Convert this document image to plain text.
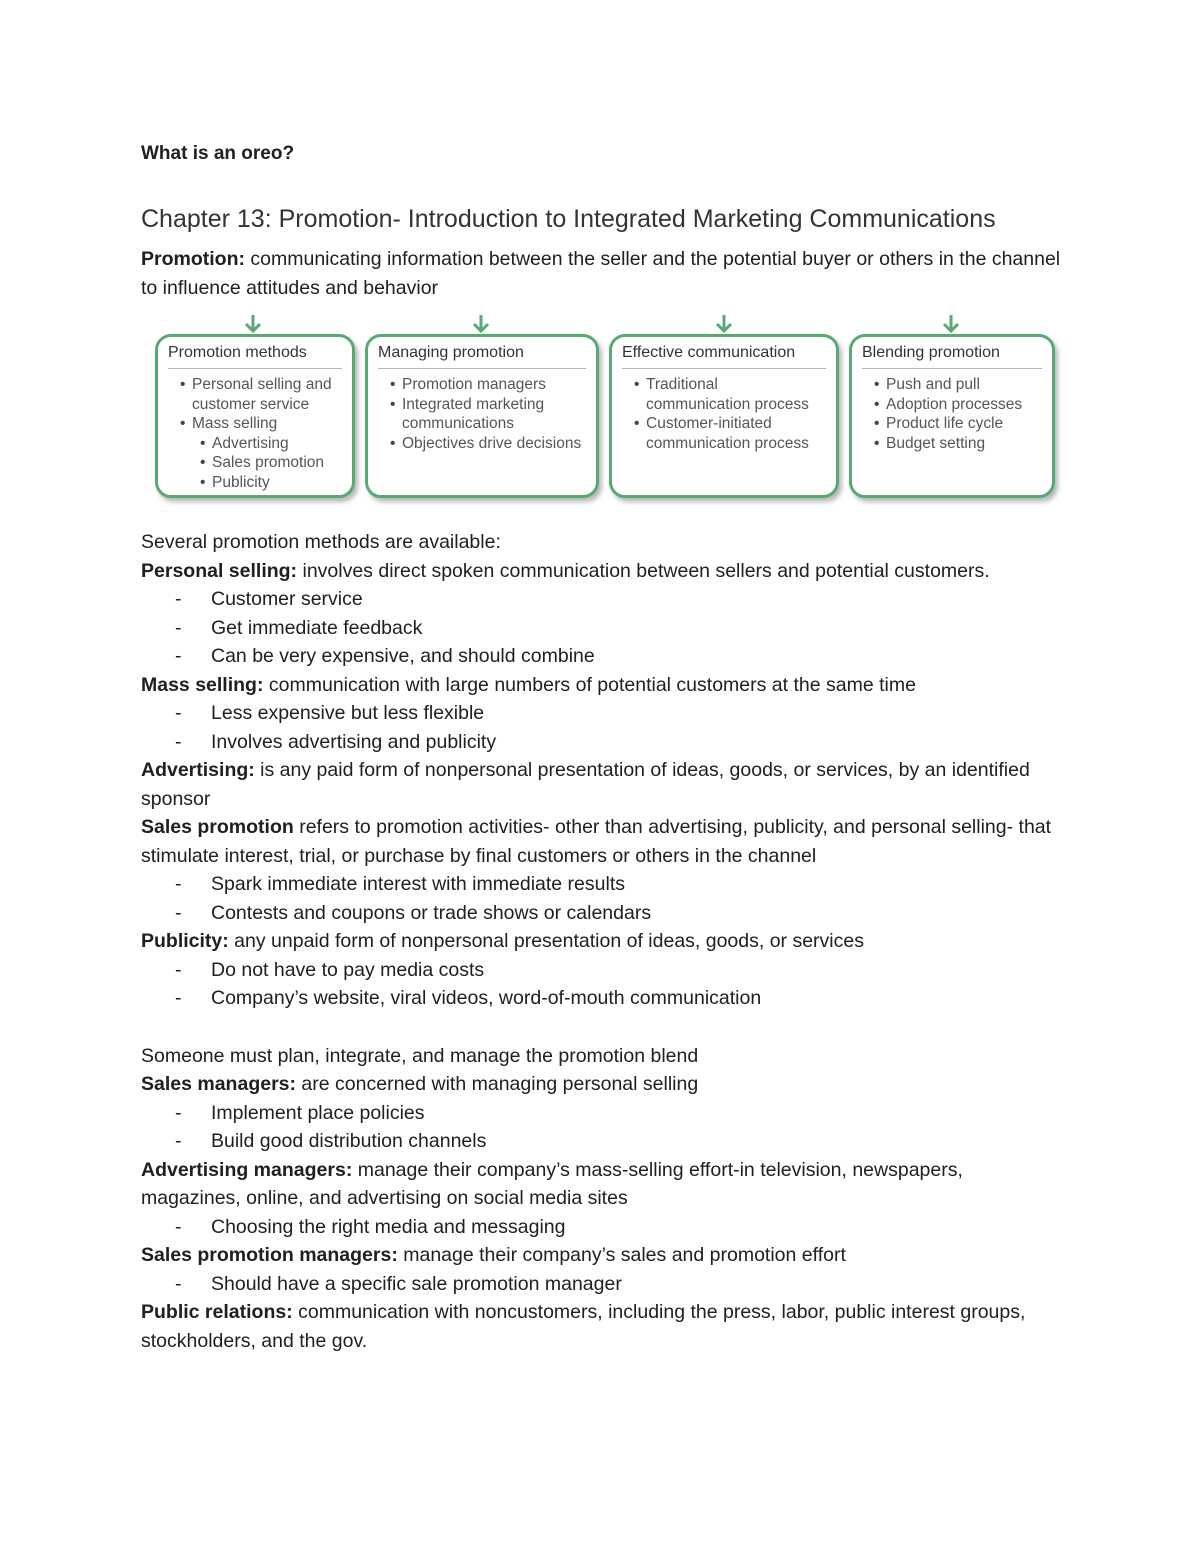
What is an oreo?

Chapter 13: Promotion- Introduction to Integrated Marketing Communications

Promotion: communicating information between the seller and the potential buyer or others in the channel to influence attitudes and behavior

Promotion methods
• Personal selling and customer service
• Mass selling
• Advertising
• Sales promotion
• Publicity
Managing promotion
• Promotion managers
• Integrated marketing communications
• Objectives drive decisions
Effective communication
• Traditional communication process
• Customer-initiated communication process
Blending promotion
• Push and pull
• Adoption processes
• Product life cycle
• Budget setting

Several promotion methods are available:

Personal selling: involves direct spoken communication between sellers and potential customers.

- Customer service
- Get immediate feedback
- Can be very expensive, and should combine

Mass selling: communication with large numbers of potential customers at the same time

- Less expensive but less flexible
- Involves advertising and publicity

Advertising: is any paid form of nonpersonal presentation of ideas, goods, or services, by an identified sponsor

Sales promotion refers to promotion activities- other than advertising, publicity, and personal selling- that stimulate interest, trial, or purchase by final customers or others in the channel

- Spark immediate interest with immediate results
- Contests and coupons or trade shows or calendars

Publicity: any unpaid form of nonpersonal presentation of ideas, goods, or services

- Do not have to pay media costs
- Company’s website, viral videos, word-of-mouth communication

Someone must plan, integrate, and manage the promotion blend

Sales managers: are concerned with managing personal selling

- Implement place policies
- Build good distribution channels

Advertising managers: manage their company’s mass-selling effort-in television, newspapers, magazines, online, and advertising on social media sites

- Choosing the right media and messaging

Sales promotion managers: manage their company’s sales and promotion effort

- Should have a specific sale promotion manager

Public relations: communication with noncustomers, including the press, labor, public interest groups, stockholders, and the gov.
